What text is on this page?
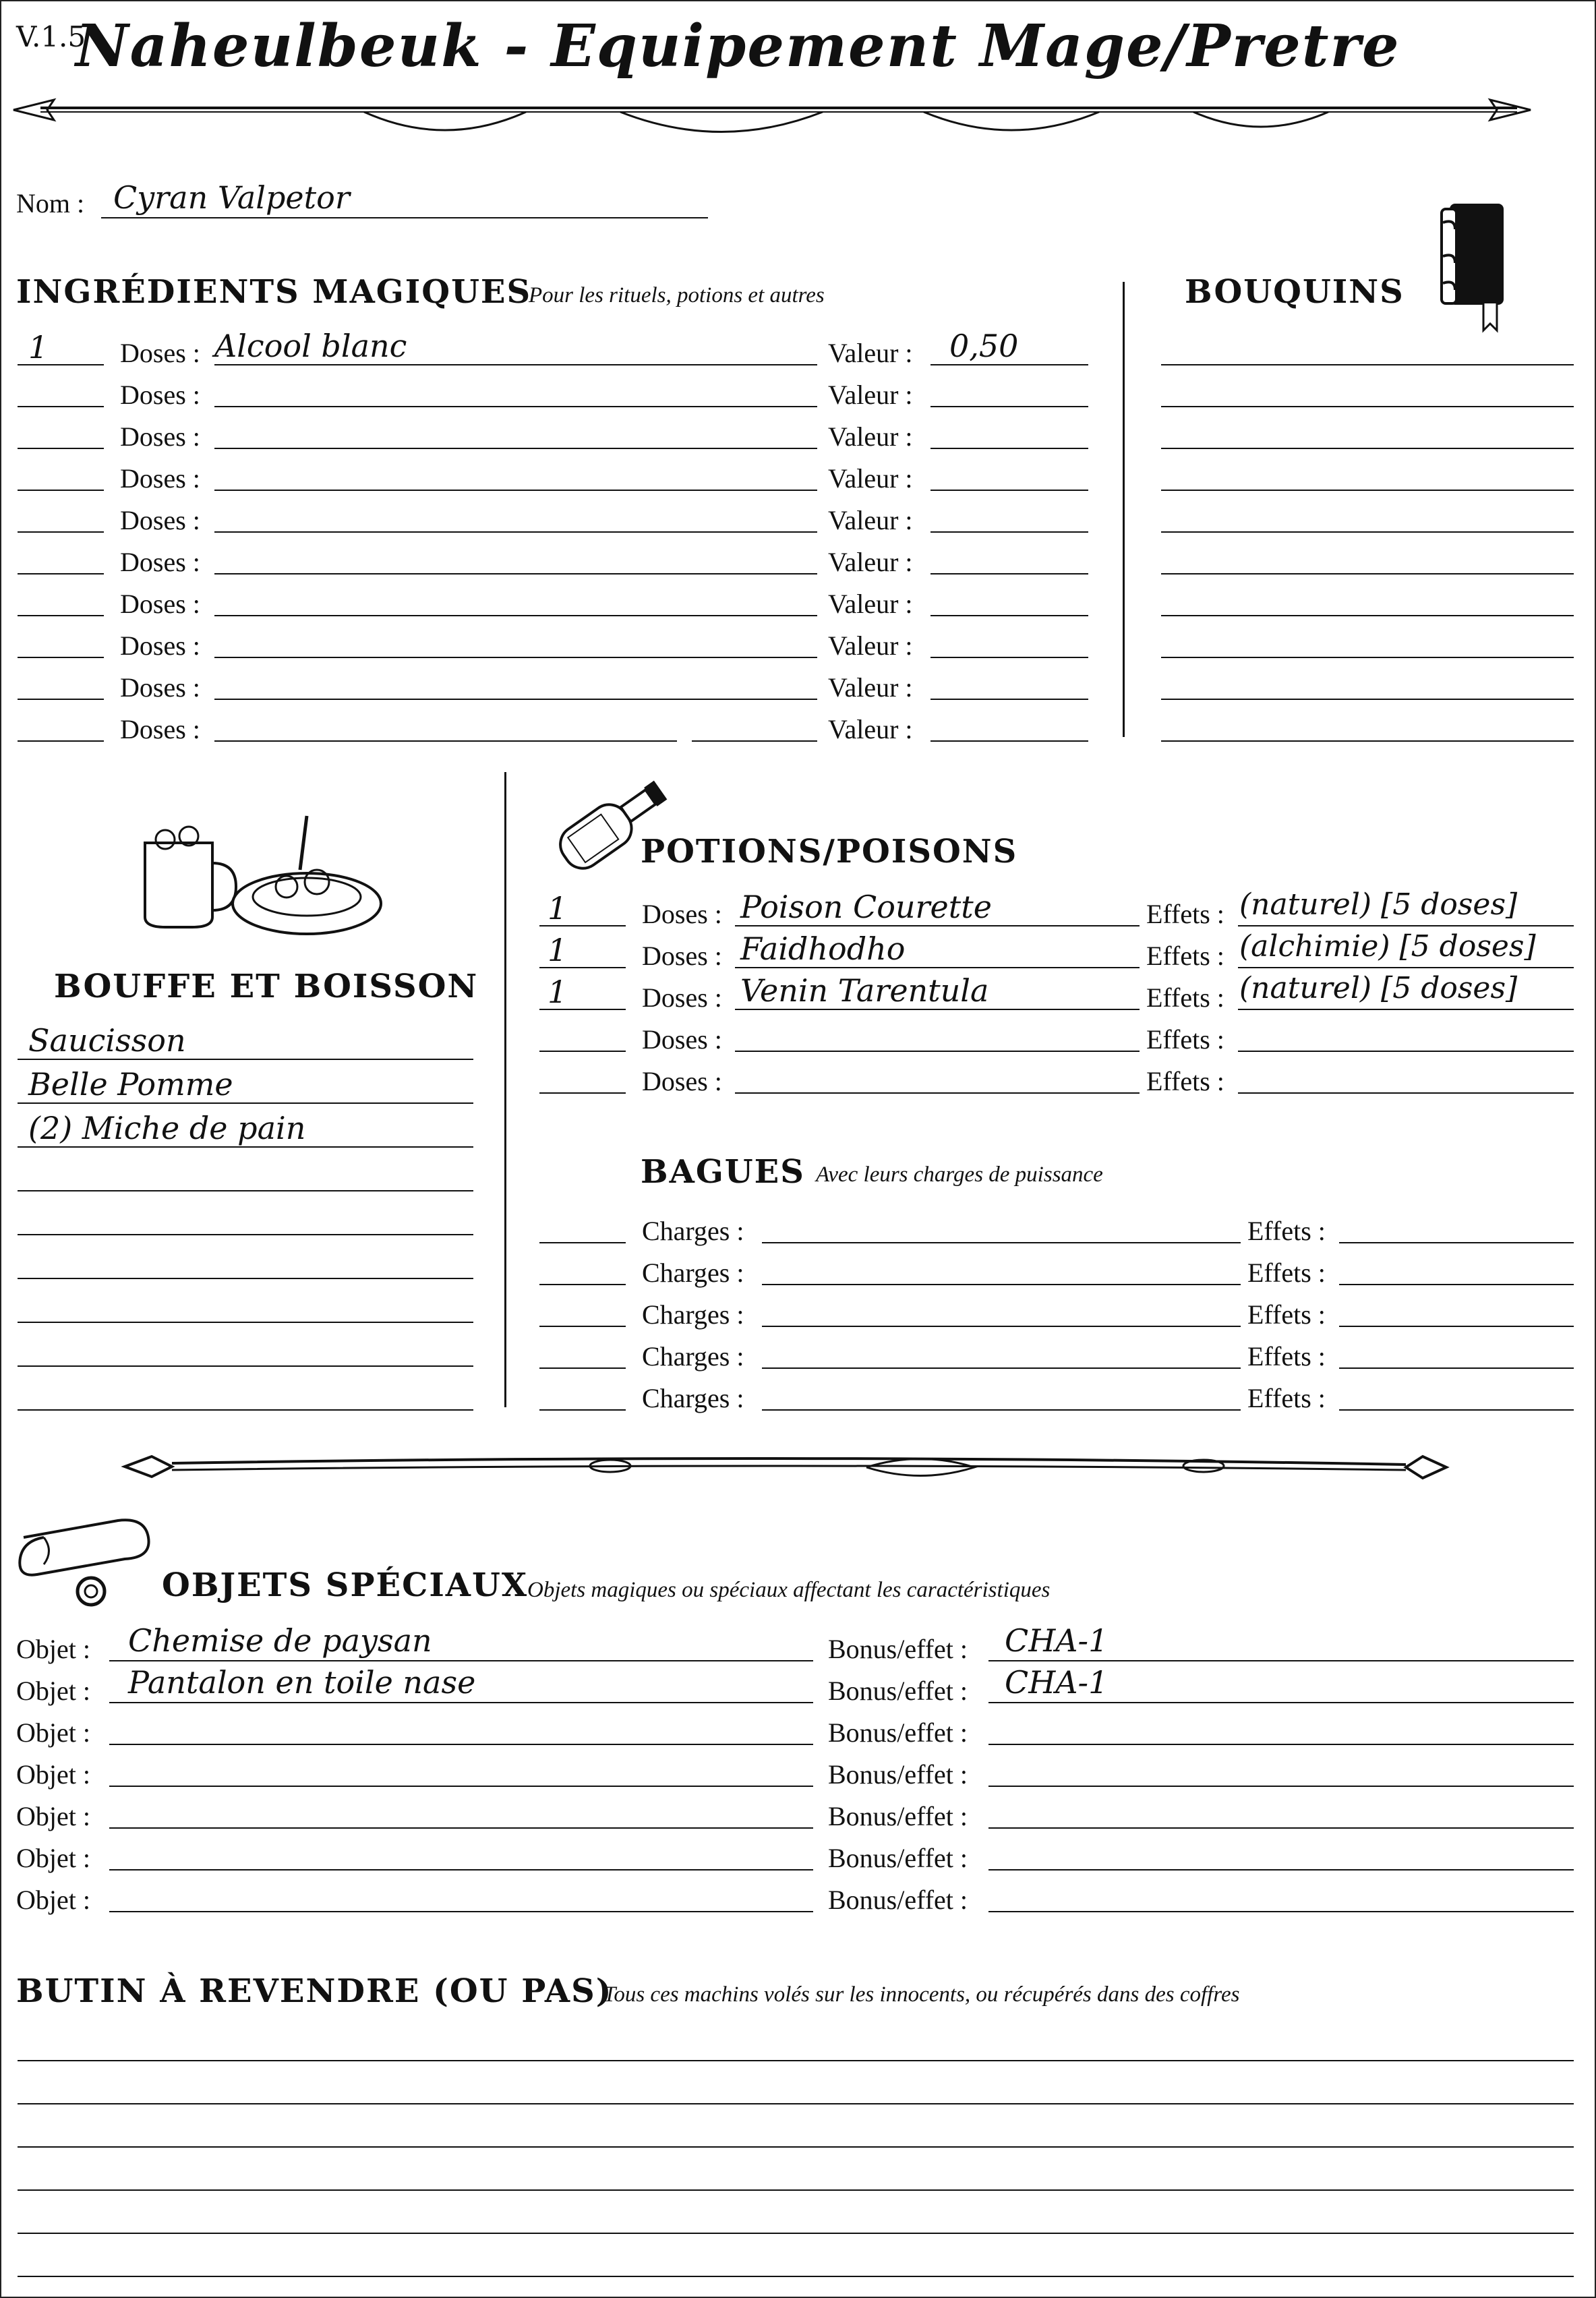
V.1.5
Naheulbeuk - Equipement Mage/Pretre
Nom : Cyran Valpetor
INGRÉDIENTS MAGIQUES
Pour les rituels, potions et autres
1	Doses : Alcool blanc	Valeur : 0,50
Doses :	Valeur :
Doses :	Valeur :
Doses :	Valeur :
Doses :	Valeur :
Doses :	Valeur :
Doses :	Valeur :
Doses :	Valeur :
Doses :	Valeur :
Doses :	Valeur :
BOUQUINS
BOUFFE ET BOISSON
Saucisson
Belle Pomme
(2) Miche de pain
POTIONS/POISONS
1	Doses : Poison Courette	Effets : (naturel) [5 doses]
1	Doses : Faidhodho	Effets : (alchimie) [5 doses]
1	Doses : Venin Tarentula	Effets : (naturel) [5 doses]
Doses :	Effets :
Doses :	Effets :
BAGUES Avec leurs charges de puissance
Charges :	Effets :
Charges :	Effets :
Charges :	Effets :
Charges :	Effets :
Charges :	Effets :
OBJETS SPÉCIAUX
Objets magiques ou spéciaux affectant les caractéristiques
Objet : Chemise de paysan	Bonus/effet : CHA-1
Objet : Pantalon en toile nase	Bonus/effet : CHA-1
Objet :	Bonus/effet :
Objet :	Bonus/effet :
Objet :	Bonus/effet :
Objet :	Bonus/effet :
Objet :	Bonus/effet :
BUTIN À REVENDRE (OU PAS)
Tous ces machins volés sur les innocents, ou récupérés dans des coffres
